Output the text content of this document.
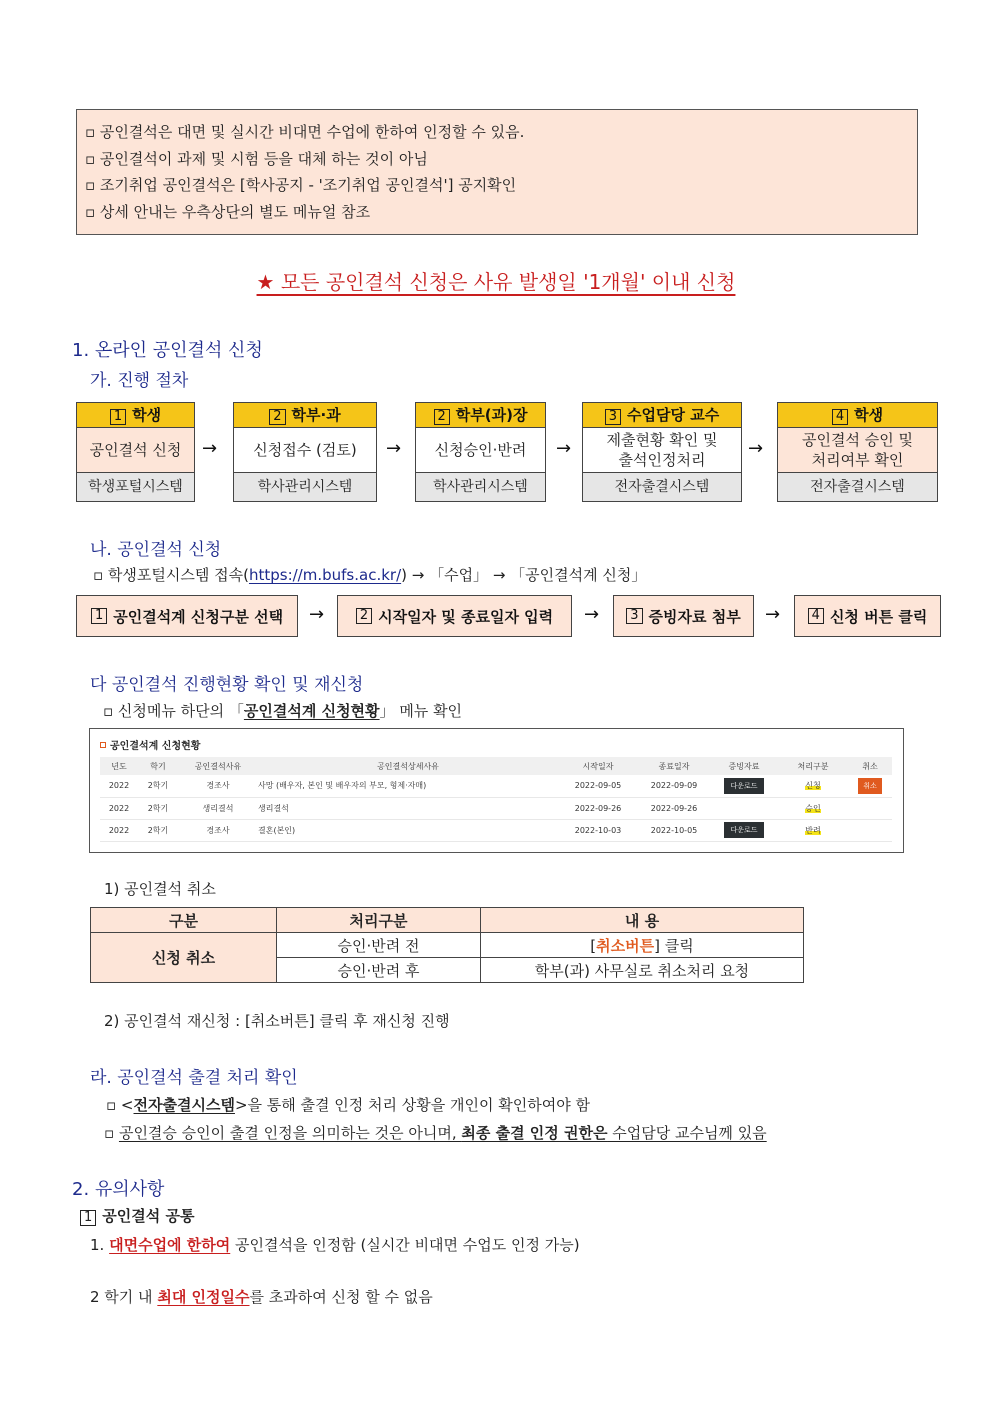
▫ 공인결석은 대면 및 실시간 비대면 수업에 한하여 인정할 수 있음.
▫ 공인결석이 과제 및 시험 등을 대체 하는 것이 아님
▫ 조기취업 공인결석은 [학사공지 - '조기취업 공인결석'] 공지확인
▫ 상세 안내는 우측상단의 별도 메뉴얼 참조
★ 모든 공인결석 신청은 사유 발생일 '1개월' 이내 신청
1. 온라인 공인결석 신청
가. 진행 절차
1 학생
공인결석 신청
학생포털시스템
→
2 학부·과
신청접수 (검토)
학사관리시스템
→
2 학부(과)장
신청승인·반려
학사관리시스템
→
3 수업담당 교수
제출현황 확인 및
출석인정처리
전자출결시스템
→
4 학생
공인결석 승인 및
처리여부 확인
전자출결시스템
나. 공인결석 신청
▫ 학생포털시스템 접속(https://m.bufs.ac.kr/) → 「수업」 → 「공인결석계 신청」
1 공인결석계 신청구분 선택 →	2 시작일자 및 종료일자 입력 →	3 증빙자료 첨부 →	4 신청 버튼 클릭
다 공인결석 진행현황 확인 및 재신청
▫ 신청메뉴 하단의 「공인결석계 신청현황」 메뉴 확인
공인결석계 신청현황
년도	학기	공인결석사유	공인결석상세사유	시작일자	종료일자	증빙자료	처리구분	취소
2022	2학기	경조사	사망 (배우자, 본인 및 배우자의 부모, 형제·자매)	2022-09-05	2022-09-09	다운로드	신청	취소
2022	2학기	생리결석	생리결석	2022-09-26	2022-09-26		승인	
2022	2학기	경조사	결혼(본인)	2022-10-03	2022-10-05	다운로드	반려	
1) 공인결석 취소
구분	처리구분	내 용
신청 취소	승인·반려 전	[취소버튼] 클릭
	승인·반려 후	학부(과) 사무실로 취소처리 요청
2) 공인결석 재신청 : [취소버튼] 클릭 후 재신청 진행
라. 공인결석 출결 처리 확인
▫ <전자출결시스템>을 통해 출결 인정 처리 상황을 개인이 확인하여야 함
▫ 공인결승 승인이 출결 인정을 의미하는 것은 아니며, 최종 출결 인정 권한은 수업담당 교수님께 있음
2. 유의사항
1 공인결석 공통
1. 대면수업에 한하여 공인결석을 인정함 (실시간 비대면 수업도 인정 가능)
2 학기 내 최대 인정일수를 초과하여 신청 할 수 없음
